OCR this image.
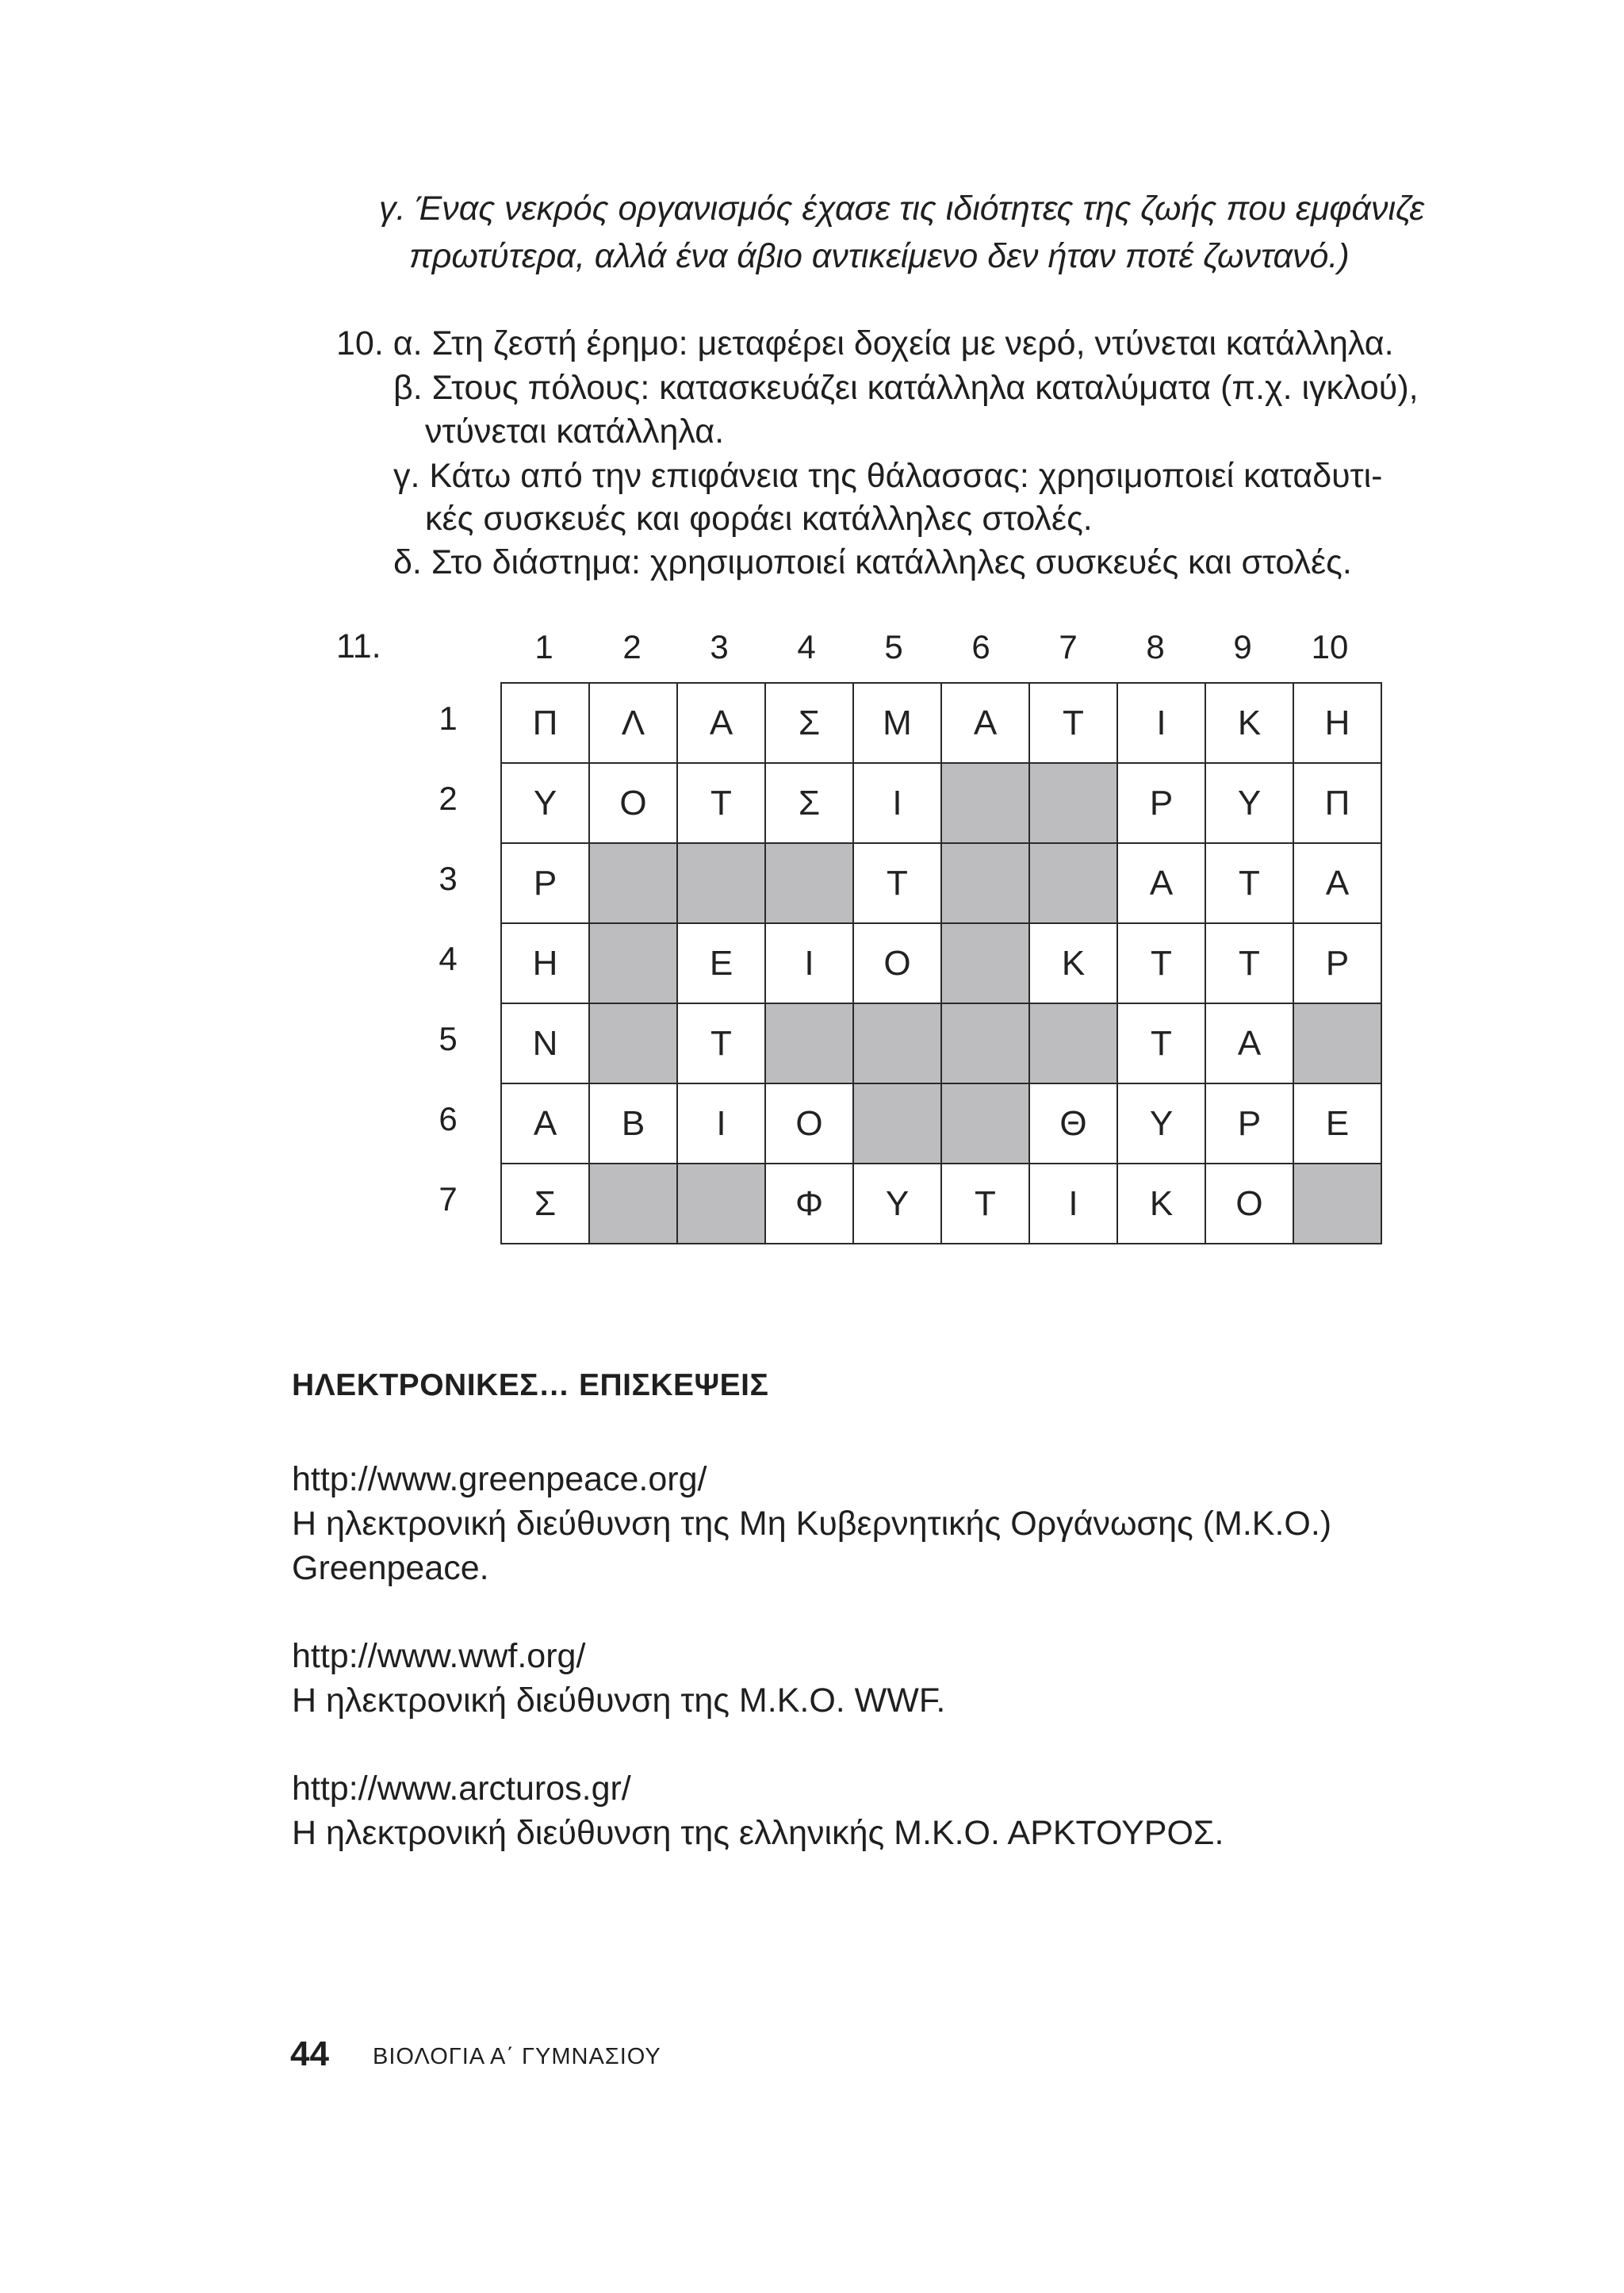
γ. Ένας νεκρός οργανισμός έχασε τις ιδιότητες της ζωής που εμφάνιζε
πρωτύτερα, αλλά ένα άβιο αντικείμενο δεν ήταν ποτέ ζωντανό.)
10. α. Στη ζεστή έρημο: μεταφέρει δοχεία με νερό, ντύνεται κατάλληλα.
β. Στους πόλους: κατασκευάζει κατάλληλα καταλύματα (π.χ. ιγκλού),
ντύνεται κατάλληλα.
γ. Κάτω από την επιφάνεια της θάλασσας: χρησιμοποιεί καταδυτι-
κές συσκευές και φοράει κατάλληλες στολές.
δ. Στο διάστημα: χρησιμοποιεί κατάλληλες συσκευές και στολές.
11.	1	2	3	4	5	6	7	8	9	10
1
2
3
4
5
6
7
Π	Λ	Α	Σ	Μ	Α	Τ	Ι	Κ	Η
Υ	Ο	Τ	Σ	Ι			Ρ	Υ	Π
Ρ				Τ			Α	Τ	Α
Η		Ε	Ι	Ο		Κ	Τ	Τ	Ρ
Ν		Τ					Τ	Α	
Α	Β	Ι	Ο			Θ	Υ	Ρ	Ε
Σ			Φ	Υ	Τ	Ι	Κ	Ο	
ΗΛΕΚΤΡΟΝΙΚΕΣ… ΕΠΙΣΚΕΨΕΙΣ
http://www.greenpeace.org/
Η ηλεκτρονική διεύθυνση της Μη Κυβερνητικής Οργάνωσης (Μ.Κ.Ο.)
Greenpeace.
http://www.wwf.org/
Η ηλεκτρονική διεύθυνση της Μ.Κ.Ο. WWF.
http://www.arcturos.gr/
Η ηλεκτρονική διεύθυνση της ελληνικής Μ.Κ.Ο. ΑΡΚΤΟΥΡΟΣ.
44 ΒΙΟΛΟΓΙΑ Α΄ ΓΥΜΝΑΣΙΟΥ
